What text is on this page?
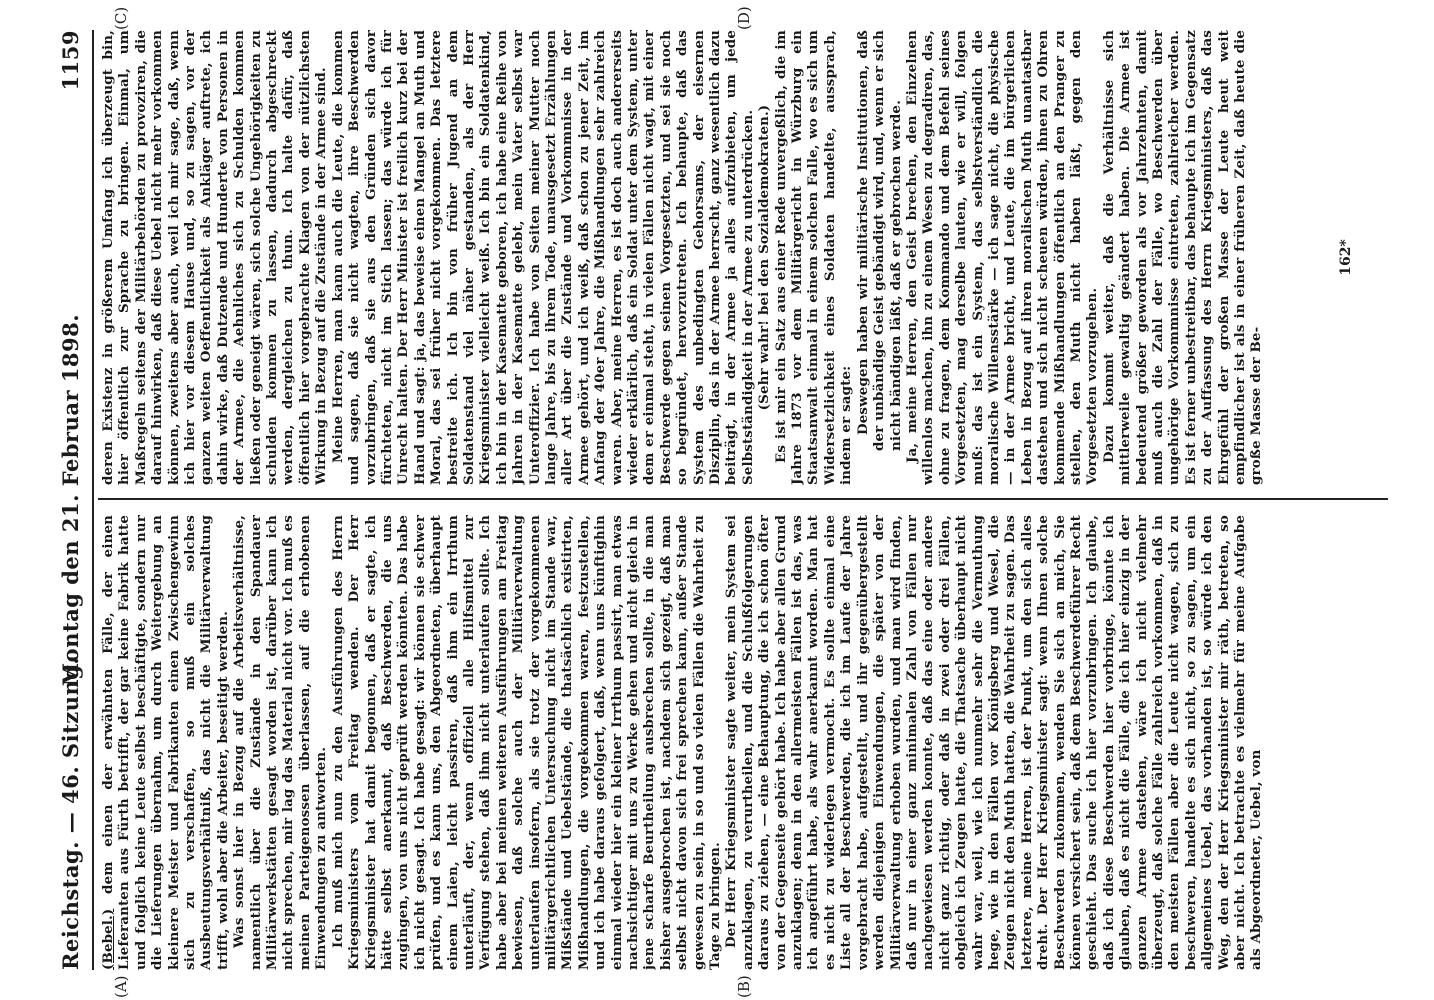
Reichstag. — 46. Sitzung.
Montag den 21. Februar 1898.
1159
(A)	(B)
(C)	(D)

(Bebel.) dem einen der erwähnten Fälle, der einen Lieferanten aus Fürth betrifft, der gar keine Fabrik hatte und folglich keine Leute selbst beschäftigte, sondern nur die Lieferungen übernahm, um durch Weitergebung an kleinere Meister und Fabrikanten einen Zwischengewinn sich zu verschaffen, so muß ein solches Ausbeutungsverhältniß, das nicht die Militärverwaltung trifft, wohl aber die Arbeiter, beseitigt werden. Was sonst hier in Bezug auf die Arbeitsverhältnisse, namentlich über die Zustände in den Spandauer Militärwerkstätten gesagt worden ist, darüber kann ich nicht sprechen, mir lag das Material nicht vor. Ich muß es meinen Parteigenossen überlassen, auf die erhobenen Einwendungen zu antworten. Ich muß mich nun zu den Ausführungen des Herrn Kriegsministers vom Freitag wenden. Der Herr Kriegsminister hat damit begonnen, daß er sagte, ich hätte selbst anerkannt, daß Beschwerden, die uns zugingen, von uns nicht geprüft werden könnten. Das habe ich nicht gesagt. Ich habe gesagt: wir können sie schwer prüfen, und es kann uns, den Abgeordneten, überhaupt einem Laien, leicht passiren, daß ihm ein Irrthum unterläuft, der, wenn offiziell alle Hilfsmittel zur Verfügung stehen, daß ihm nicht unterlaufen sollte. Ich habe aber bei meinen weiteren Ausführungen am Freitag bewiesen, daß solche auch der Militärverwaltung unterlaufen insofern, als sie trotz der vorgekommenen militärgerichtlichen Untersuchung nicht im Stande war, Mißstände und Uebelstände, die thatsächlich existirten, Mißhandlungen, die vorgekommen waren, festzustellen, und ich habe daraus gefolgert, daß, wenn uns künftighin einmal wieder hier ein kleiner Irrthum passirt, man etwas nachsichtiger mit uns zu Werke gehen und nicht gleich in jene scharfe Beurtheilung ausbrechen sollte, in die man bisher ausgebrochen ist, nachdem sich gezeigt, daß man selbst nicht davon sich frei sprechen kann, außer Stande gewesen zu sein, in so und so vielen Fällen die Wahrheit zu Tage zu bringen. Der Herr Kriegsminister sagte weiter, mein System sei anzuklagen, zu verurtheilen, und die Schlußfolgerungen daraus zu ziehen, — eine Behauptung, die ich schon öfter von der Gegenseite gehört habe. Ich habe aber allen Grund anzuklagen; denn in den allermeisten Fällen ist das, was ich angeführt habe, als wahr anerkannt worden. Man hat es nicht zu widerlegen vermocht. Es sollte einmal eine Liste all der Beschwerden, die ich im Laufe der Jahre vorgebracht habe, aufgestellt, und ihr gegenübergestellt werden diejenigen Einwendungen, die später von der Militärverwaltung erhoben wurden, und man wird finden, daß nur in einer ganz minimalen Zahl von Fällen nur nachgewiesen werden konnte, daß das eine oder andere nicht ganz richtig, oder daß in zwei oder drei Fällen, obgleich ich Zeugen hatte, die Thatsache überhaupt nicht wahr war, weil, wie ich nunmehr sehr die Vermuthung hege, wie in den Fällen vor Königsberg und Wesel, die Zeugen nicht den Muth hatten, die Wahrheit zu sagen. Das letztere, meine Herren, ist der Punkt, um den sich alles dreht. Der Herr Kriegsminister sagt: wenn Ihnen solche Beschwerden zukommen, wenden Sie sich an mich, Sie können versichert sein, daß dem Beschwerdeführer Recht geschieht. Das suche ich hier vorzubringen. Ich glaube, daß ich diese Beschwerden hier vorbringe, könnte ich glauben, daß es nicht die Fälle, die ich hier einzig in der ganzen Armee dastehen, wäre ich nicht vielmehr überzeugt, daß solche Fälle zahlreich vorkommen, daß in den meisten Fällen aber die Leute nicht wagen, sich zu beschweren, handelte es sich nicht, so zu sagen, um ein allgemeines Uebel, das vorhanden ist, so würde ich den Weg, den der Herr Kriegsminister mir räth, betreten, so aber nicht. Ich betrachte es vielmehr für meine Aufgabe als Abgeordneter, Uebel, von

deren Existenz in größerem Umfang ich überzeugt bin, hier öffentlich zur Sprache zu bringen. Einmal, um Maßregeln seitens der Militärbehörden zu provoziren, die darauf hinwirken, daß diese Uebel nicht mehr vorkommen können, zweitens aber auch, weil ich mir sage, daß, wenn ich hier vor diesem Hause und, so zu sagen, vor der ganzen weiten Oeffentlichkeit als Ankläger auftrete, ich dahin wirke, daß Dutzende und Hunderte von Personen in der Armee, die Aehnliches sich zu Schulden kommen ließen oder geneigt wären, sich solche Ungehörigkeiten zu schulden kommen zu lassen, dadurch abgeschreckt werden, dergleichen zu thun. Ich halte dafür, daß öffentlich hier vorgebrachte Klagen von der nützlichsten Wirkung in Bezug auf die Zustände in der Armee sind. Meine Herren, man kann auch die Leute, die kommen und sagen, daß sie nicht wagten, ihre Beschwerden vorzubringen, daß sie aus den Gründen sich davor fürchteten, nicht im Stich lassen; das würde ich für Unrecht halten. Der Herr Minister ist freilich kurz bei der Hand und sagt: ja, das beweise einen Mangel an Muth und Moral, das sei früher nicht vorgekommen. Das letztere bestreite ich. Ich bin von früher Jugend an dem Soldatenstand viel näher gestanden, als der Herr Kriegsminister vielleicht weiß. Ich bin ein Soldatenkind, ich bin in der Kasematte geboren, ich habe eine Reihe von Jahren in der Kasematte gelebt, mein Vater selbst war Unteroffizier. Ich habe von Seiten meiner Mutter noch lange Jahre, bis zu ihrem Tode, unausgesetzt Erzählungen aller Art über die Zustände und Vorkommnisse in der Armee gehört, und ich weiß, daß schon zu jener Zeit, im Anfang der 40er Jahre, die Mißhandlungen sehr zahlreich waren. Aber, meine Herren, es ist doch auch andererseits wieder erklärlich, daß ein Soldat unter dem System, unter dem er einmal steht, in vielen Fällen nicht wagt, mit einer Beschwerde gegen seinen Vorgesetzten, und sei sie noch so begründet, hervorzutreten. Ich behaupte, daß das System des unbedingten Gehorsams, der eisernen Disziplin, das in der Armee herrscht, ganz wesentlich dazu beiträgt, in der Armee ja alles aufzubieten, um jede Selbstständigkeit in der Armee zu unterdrücken. (Sehr wahr! bei den Sozialdemokraten.) Es ist mir ein Satz aus einer Rede unvergeßlich, die im Jahre 1873 vor dem Militärgericht in Würzburg ein Staatsanwalt einmal in einem solchen Falle, wo es sich um Widersetzlichkeit eines Soldaten handelte, aussprach, indem er sagte: Deswegen haben wir militärische Institutionen, daß der unbändige Geist gebändigt wird, und, wenn er sich nicht bändigen läßt, daß er gebrochen werde. Ja, meine Herren, den Geist brechen, den Einzelnen willenlos machen, ihn zu einem Wesen zu degradiren, das, ohne zu fragen, dem Kommando und dem Befehl seines Vorgesetzten, mag derselbe lauten, wie er will, folgen muß: das ist ein System, das selbstverständlich die moralische Willensstärke — ich sage nicht, die physische — in der Armee bricht, und Leute, die im bürgerlichen Leben in Bezug auf ihren moralischen Muth unantastbar dastehen und sich nicht scheuen würden, ihnen zu Ohren kommende Mißhandlungen öffentlich an den Pranger zu stellen, den Muth nicht haben läßt, gegen den Vorgesetzten vorzugehen. Dazu kommt weiter, daß die Verhältnisse sich mittlerweile gewaltig geändert haben. Die Armee ist bedeutend größer geworden als vor Jahrzehnten, damit muß auch die Zahl der Fälle, wo Beschwerden über ungehörige Vorkommnisse eintreten, zahlreicher werden. Es ist ferner unbestreitbar, das behaupte ich im Gegensatz zu der Auffassung des Herrn Kriegsministers, daß das Ehrgefühl der großen Masse der Leute heut weit empfindlicher ist als in einer früheren Zeit, daß heute die große Masse der Be-

162*
